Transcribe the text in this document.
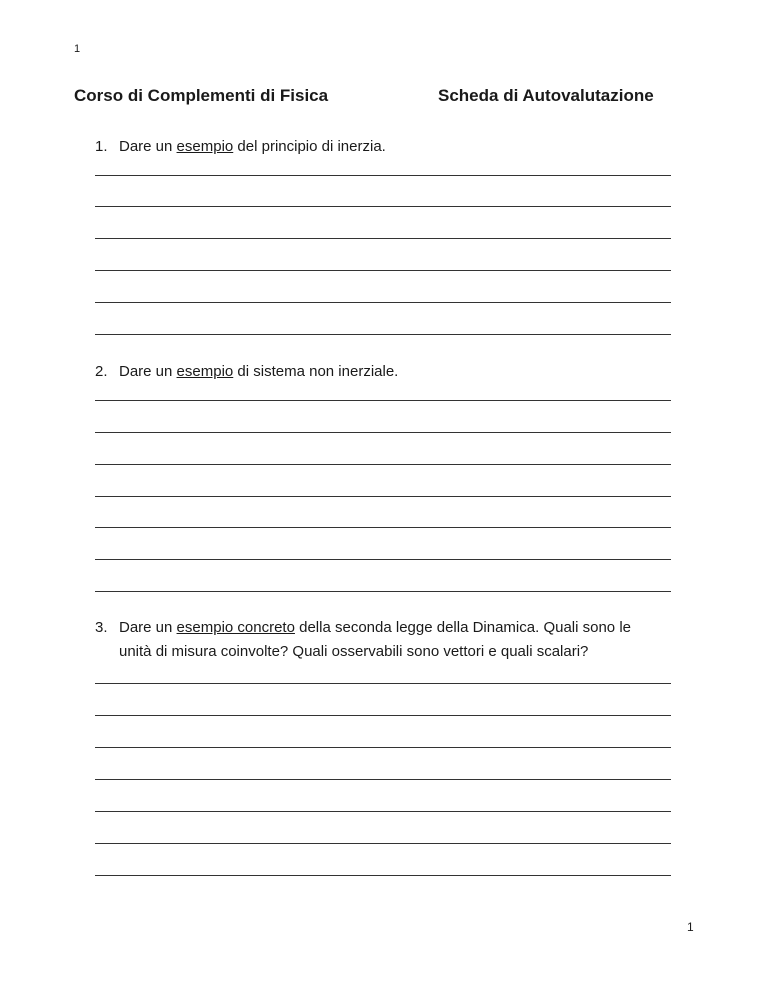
1
Corso di Complementi di Fisica	Scheda di Autovalutazione
1. Dare un esempio del principio di inerzia.
2. Dare un esempio di sistema non inerziale.
3. Dare un esempio concreto della seconda legge della Dinamica. Quali sono le
unità di misura coinvolte? Quali osservabili sono vettori e quali scalari?
1
